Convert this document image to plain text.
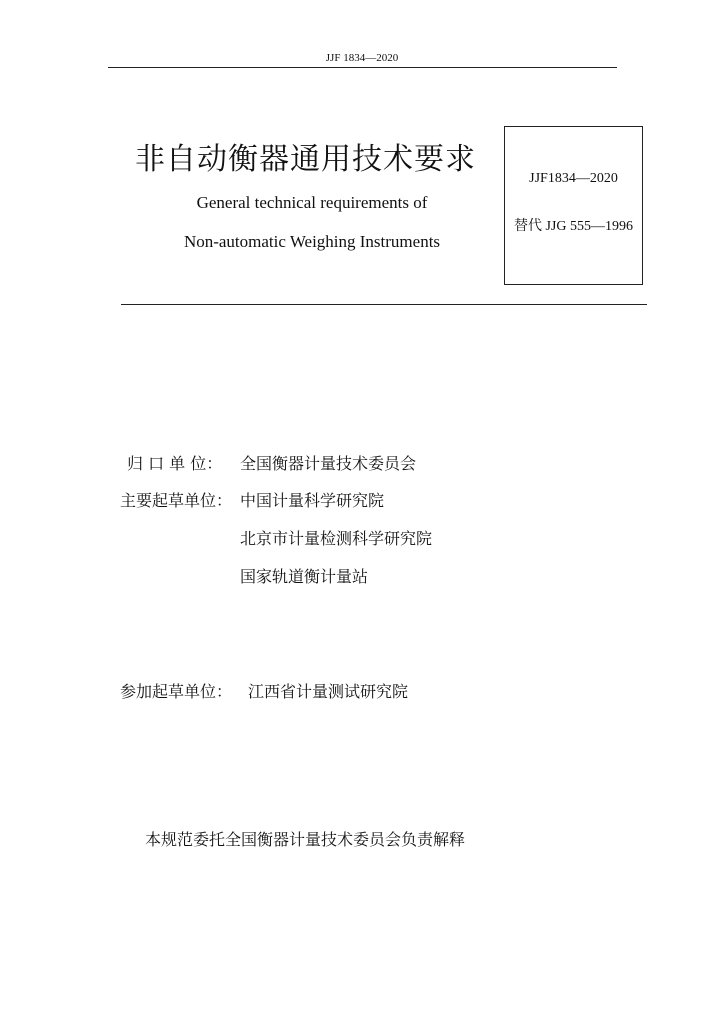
JJF 1834—2020
非自动衡器通用技术要求
General technical requirements of
Non-automatic Weighing Instruments
JJF1834—2020
替代 JJG 555—1996
归 口 单 位： 全国衡器计量技术委员会
主要起草单位： 中国计量科学研究院
北京市计量检测科学研究院
国家轨道衡计量站
参加起草单位： 江西省计量测试研究院
本规范委托全国衡器计量技术委员会负责解释
